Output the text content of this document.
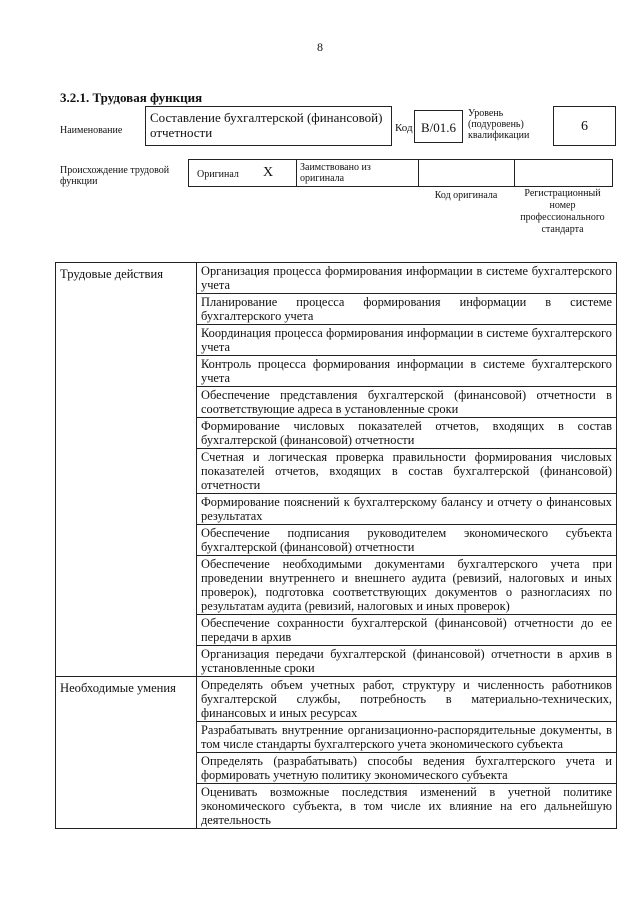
8
3.2.1. Трудовая функция
Наименование
Составление бухгалтерской (финансовой) отчетности	Код В/01.6
Уровень (подуровень) квалификации
6
Происхождение трудовой функции
Оригинал X	Заимствовано из оригинала
Код оригинала	Регистрационный номер профессионального стандарта
Трудовые действия	Организация процесса формирования информации в системе бухгалтерского учета
	Планирование процесса формирования информации в системе бухгалтерского учета
	Координация процесса формирования информации в системе бухгалтерского учета
	Контроль процесса формирования информации в системе бухгалтерского учета
	Обеспечение представления бухгалтерской (финансовой) отчетности в соответствующие адреса в установленные сроки
	Формирование числовых показателей отчетов, входящих в состав бухгалтерской (финансовой) отчетности
	Счетная и логическая проверка правильности формирования числовых показателей отчетов, входящих в состав бухгалтерской (финансовой) отчетности
	Формирование пояснений к бухгалтерскому балансу и отчету о финансовых результатах
	Обеспечение подписания руководителем экономического субъекта бухгалтерской (финансовой) отчетности
	Обеспечение необходимыми документами бухгалтерского учета при проведении внутреннего и внешнего аудита (ревизий, налоговых и иных проверок), подготовка соответствующих документов о разногласиях по результатам аудита (ревизий, налоговых и иных проверок)
	Обеспечение сохранности бухгалтерской (финансовой) отчетности до ее передачи в архив
	Организация передачи бухгалтерской (финансовой) отчетности в архив в установленные сроки
Необходимые умения	Определять объем учетных работ, структуру и численность работников бухгалтерской службы, потребность в материально-технических, финансовых и иных ресурсах
	Разрабатывать внутренние организационно-распорядительные документы, в том числе стандарты бухгалтерского учета экономического субъекта
	Определять (разрабатывать) способы ведения бухгалтерского учета и формировать учетную политику экономического субъекта
	Оценивать возможные последствия изменений в учетной политике экономического субъекта, в том числе их влияние на его дальнейшую деятельность
